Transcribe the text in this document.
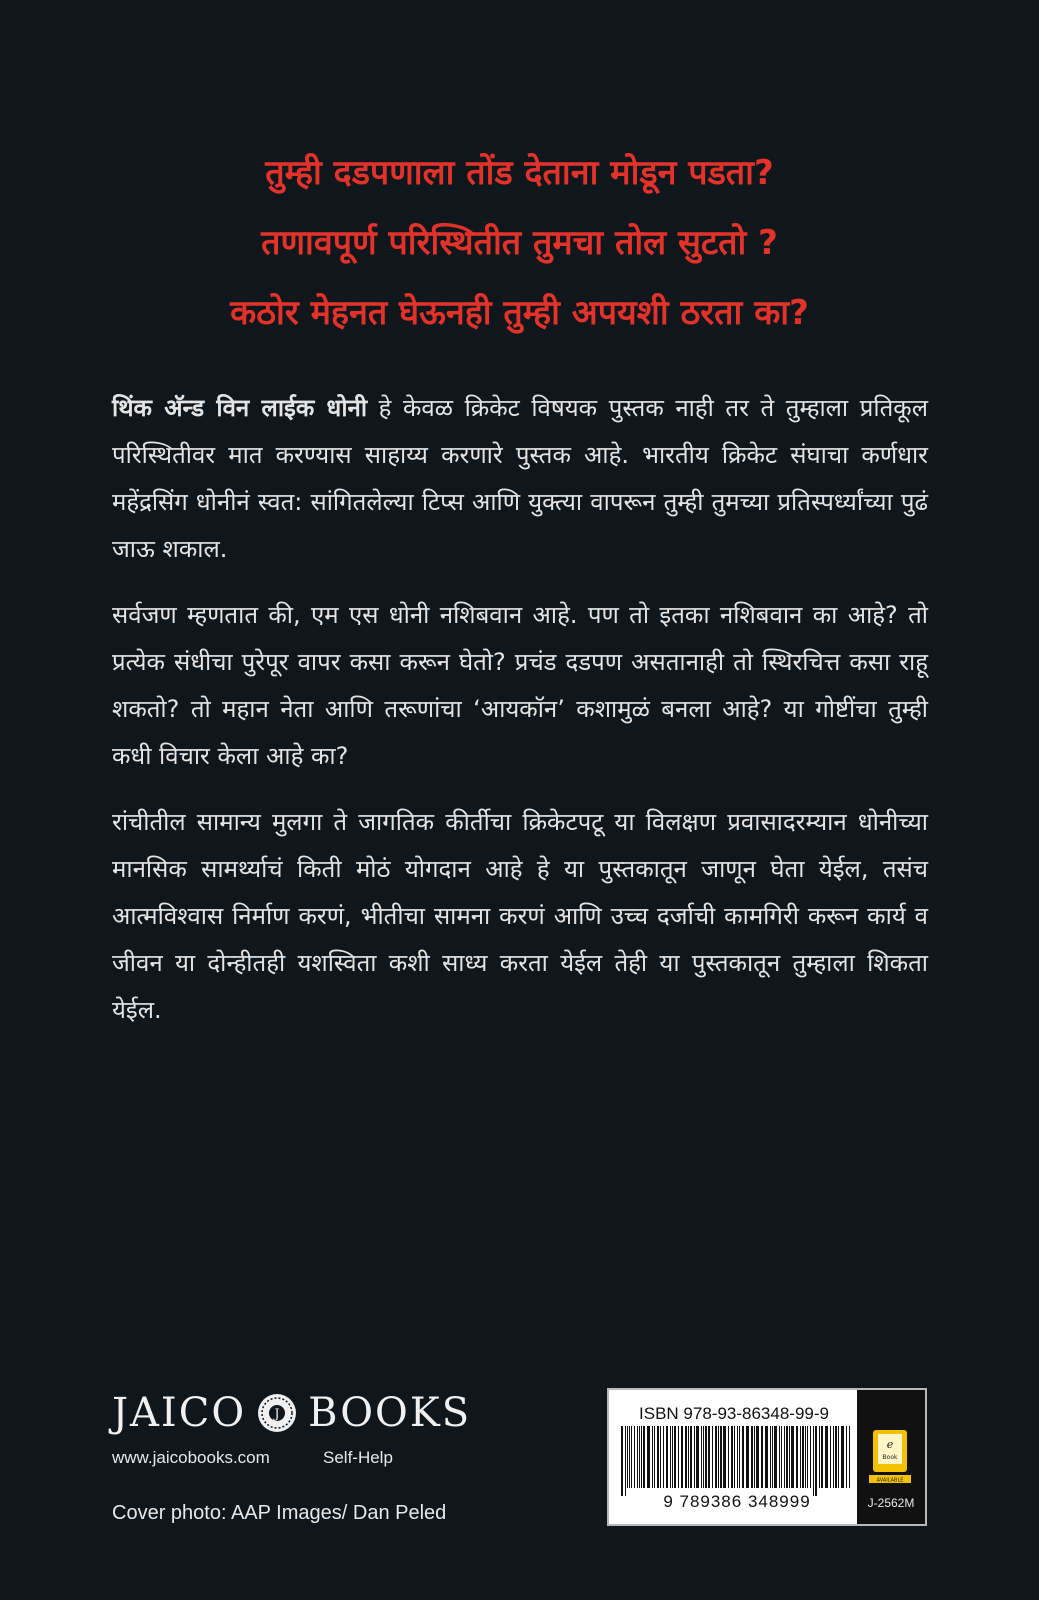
तुम्ही दडपणाला तोंड देताना मोडून पडता?
तणावपूर्ण परिस्थितीत तुमचा तोल सुटतो ?
कठोर मेहनत घेऊनही तुम्ही अपयशी ठरता का?

थिंक अ‍ॅन्ड विन लाईक धोनी हे केवळ क्रिकेट विषयक पुस्तक नाही तर ते तुम्हाला प्रतिकूल परिस्थितीवर मात करण्यास साहाय्य करणारे पुस्तक आहे. भारतीय क्रिकेट संघाचा कर्णधार महेंद्रसिंग धोनीनं स्वत: सांगितलेल्या टिप्स आणि युक्त्या वापरून तुम्ही तुमच्या प्रतिस्पर्ध्यांच्या पुढं जाऊ शकाल.

सर्वजण म्हणतात की, एम एस धोनी नशिबवान आहे. पण तो इतका नशिबवान का आहे? तो प्रत्येक संधीचा पुरेपूर वापर कसा करून घेतो? प्रचंड दडपण असतानाही तो स्थिरचित्त कसा राहू शकतो? तो महान नेता आणि तरूणांचा ‘आयकॉन’ कशामुळं बनला आहे? या गोष्टींचा तुम्ही कधी विचार केला आहे का?

रांचीतील सामान्य मुलगा ते जागतिक कीर्तीचा क्रिकेटपटू या विलक्षण प्रवासादरम्यान धोनीच्या मानसिक सामर्थ्याचं किती मोठं योगदान आहे हे या पुस्तकातून जाणून घेता येईल, तसंच आत्मविश्वास निर्माण करणं, भीतीचा सामना करणं आणि उच्च दर्जाची कामगिरी करून कार्य व जीवन या दोन्हीतही यशस्विता कशी साध्य करता येईल तेही या पुस्तकातून तुम्हाला शिकता येईल.

JAICO J BOOKS
www.jaicobooks.com	Self-Help
Cover photo: AAP Images/ Dan Peled
ISBN 978-93-86348-99-9
9 789386 348999
e
Book
AVAILABLE
J-2562M
